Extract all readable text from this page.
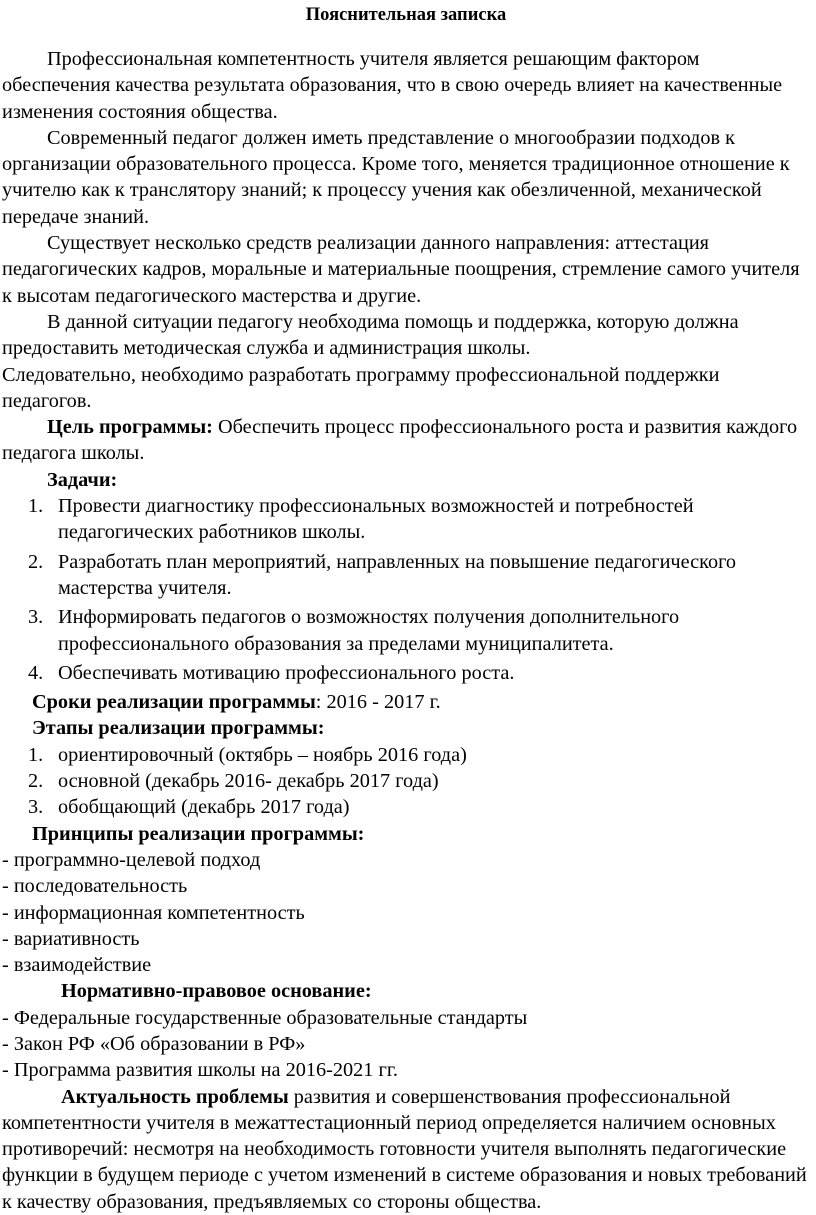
Пояснительная записка

Профессиональная компетентность учителя является решающим фактором обеспечения качества результата образования, что в свою очередь влияет на качественные изменения состояния общества.

Современный педагог должен иметь представление о многообразии подходов к организации образовательного процесса. Кроме того, меняется традиционное отношение к учителю как к транслятору знаний; к процессу учения как обезличенной, механической передаче знаний.

Существует несколько средств реализации данного направления: аттестация педагогических кадров, моральные и материальные поощрения, стремление самого учителя к высотам педагогического мастерства и другие.

В данной ситуации педагогу необходима помощь и поддержка, которую должна предоставить методическая служба и администрация школы.

Следовательно, необходимо разработать программу профессиональной поддержки педагогов.

Цель программы: Обеспечить процесс профессионального роста и развития каждого педагога школы.

Задачи:
1. Провести диагностику профессиональных возможностей и потребностей педагогических работников школы.
2. Разработать план мероприятий, направленных на повышение педагогического мастерства учителя.
3. Информировать педагогов о возможностях получения дополнительного профессионального образования за пределами муниципалитета.
4. Обеспечивать мотивацию профессионального роста.
Сроки реализации программы: 2016 - 2017 г.
Этапы реализации программы:
1. ориентировочный (октябрь – ноябрь 2016 года)
2. основной (декабрь 2016- декабрь 2017 года)
3. обобщающий (декабрь 2017 года)
Принципы реализации программы:
- программно-целевой подход
- последовательность
- информационная компетентность
- вариативность
- взаимодействие
Нормативно-правовое основание:
- Федеральные государственные образовательные стандарты
- Закон РФ «Об образовании в РФ»
- Программа развития школы на 2016-2021 гг.

Актуальность проблемы развития и совершенствования профессиональной компетентности учителя в межаттестационный период определяется наличием основных противоречий: несмотря на необходимость готовности учителя выполнять педагогические функции в будущем периоде с учетом изменений в системе образования и новых требований к качеству образования, предъявляемых со стороны общества.
